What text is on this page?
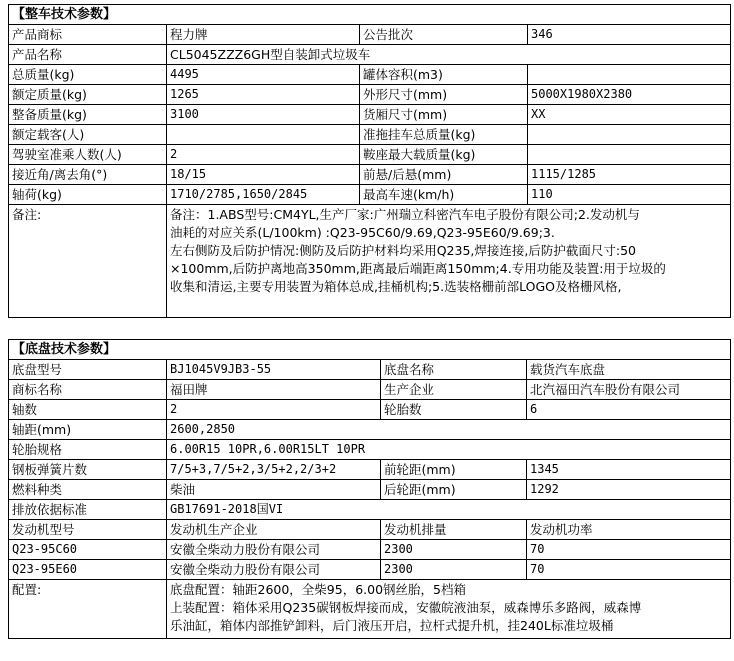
【整车技术参数】			
产品商标	程力牌	公告批次	346
产品名称	CL5045ZZZ6GH型自装卸式垃圾车		
总质量(kg)	4495	罐体容积(m3)	
额定质量(kg)	1265	外形尺寸(mm)	5000X1980X2380
整备质量(kg)	3100	货厢尺寸(mm)	XX
额定载客(人)		准拖挂车总质量(kg)	
驾驶室准乘人数(人)	2	鞍座最大载质量(kg)	
接近角/离去角(°)	18/15	前悬/后悬(mm)	1115/1285
轴荷(kg)	1710/2785,1650/2845	最高车速(km/h)	110
备注:	备注：1.ABS型号:CM4YL,生产厂家:广州瑞立科密汽车电子股份有限公司;2.发动机与
油耗的对应关系(L/100km) :Q23-95C60/9.69,Q23-95E60/9.69;3.
左右侧防及后防护情况:侧防及后防护材料均采用Q235,焊接连接,后防护截面尺寸:50
×100mm,后防护离地高350mm,距离最后端距离150mm;4.专用功能及装置:用于垃圾的
收集和清运,主要专用装置为箱体总成,挂桶机构;5.选装格栅前部LOGO及格栅风格,		
【底盘技术参数】			
底盘型号	BJ1045V9JB3-55	底盘名称	载货汽车底盘
商标名称	福田牌	生产企业	北汽福田汽车股份有限公司
轴数	2	轮胎数	6
轴距(mm)	2600,2850		
轮胎规格	6.00R15 10PR,6.00R15LT 10PR		
钢板弹簧片数	7/5+3,7/5+2,3/5+2,2/3+2	前轮距(mm)	1345
燃料种类	柴油	后轮距(mm)	1292
排放依据标准	GB17691-2018国VI		
发动机型号	发动机生产企业	发动机排量	发动机功率
Q23-95C60	安徽全柴动力股份有限公司	2300	70
Q23-95E60	安徽全柴动力股份有限公司	2300	70
配置:	底盘配置：轴距2600，全柴95，6.00钢丝胎，5档箱
上装配置：箱体采用Q235碳钢板焊接而成，安徽皖液油泵，威森博乐多路阀，威森博
乐油缸，箱体内部推铲卸料，后门液压开启，拉杆式提升机，挂240L标准垃圾桶		
